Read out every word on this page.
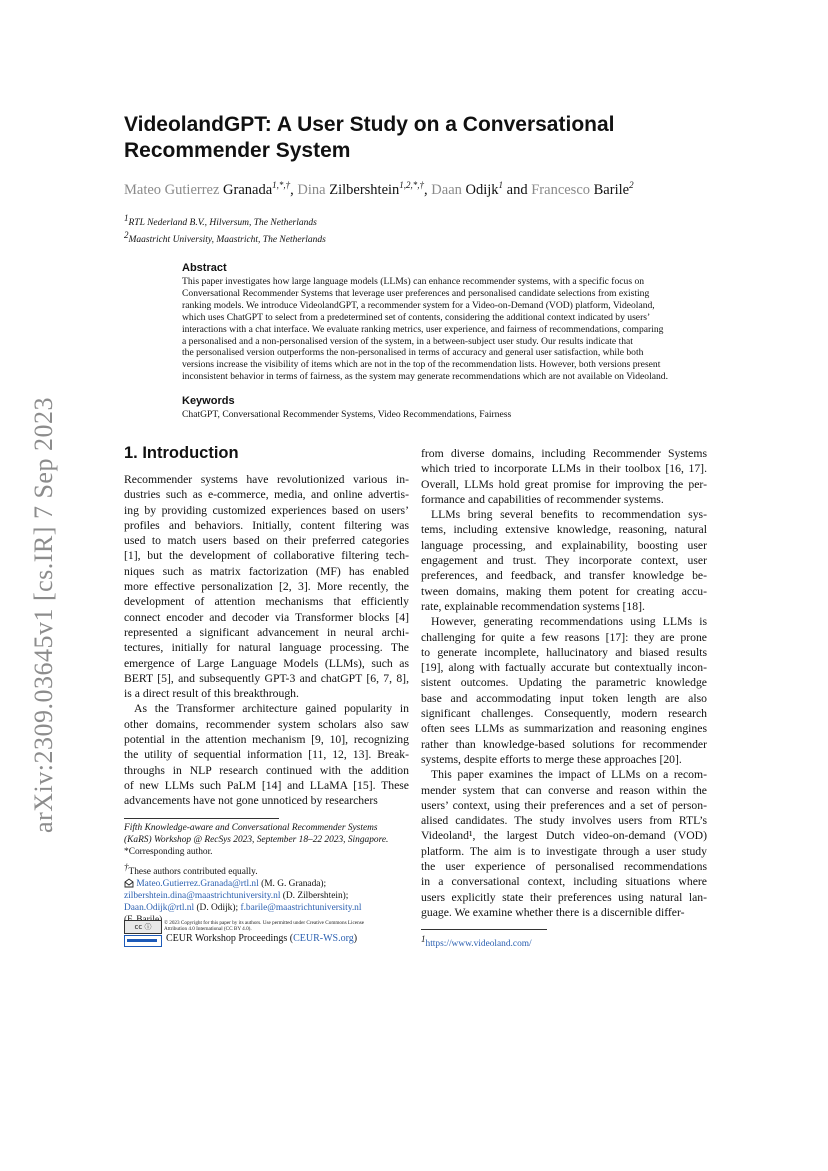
arXiv:2309.03645v1 [cs.IR] 7 Sep 2023
VideolandGPT: A User Study on a Conversational
Recommender System
Mateo Gutierrez Granada$^{1,*,\dagger}$, Dina Zilbershtein$^{1,2,*,\dagger}$, Daan Odijk$^1$ and Francesco Barile$^2$
$^1$RTL Nederland B.V., Hilversum, The Netherlands
$^2$Maastricht University, Maastricht, The Netherlands
Abstract
This paper investigates how large language models (LLMs) can enhance recommender systems, with a specific focus on
Conversational Recommender Systems that leverage user preferences and personalised candidate selections from existing
ranking models. We introduce VideolandGPT, a recommender system for a Video-on-Demand (VOD) platform, Videoland,
which uses ChatGPT to select from a predetermined set of contents, considering the additional context indicated by users’
interactions with a chat interface. We evaluate ranking metrics, user experience, and fairness of recommendations, comparing
a personalised and a non-personalised version of the system, in a between-subject user study. Our results indicate that
the personalised version outperforms the non-personalised in terms of accuracy and general user satisfaction, while both
versions increase the visibility of items which are not in the top of the recommendation lists. However, both versions present
inconsistent behavior in terms of fairness, as the system may generate recommendations which are not available on Videoland.
Keywords
ChatGPT, Conversational Recommender Systems, Video Recommendations, Fairness
1. Introduction
Recommender systems have revolutionized various in-
dustries such as e-commerce, media, and online advertis-
ing by providing customized experiences based on users’
profiles and behaviors. Initially, content filtering was
used to match users based on their preferred categories
[1], but the development of collaborative filtering tech-
niques such as matrix factorization (MF) has enabled
more effective personalization [2, 3]. More recently, the
development of attention mechanisms that efficiently
connect encoder and decoder via Transformer blocks [4]
represented a significant advancement in neural archi-
tectures, initially for natural language processing. The
emergence of Large Language Models (LLMs), such as
BERT [5], and subsequently GPT-3 and chatGPT [6, 7, 8],
is a direct result of this breakthrough.
As the Transformer architecture gained popularity in
other domains, recommender system scholars also saw
potential in the attention mechanism [9, 10], recognizing
the utility of sequential information [11, 12, 13]. Break-
throughs in NLP research continued with the addition
of new LLMs such PaLM [14] and LLaMA [15]. These
advancements have not gone unnoticed by researchers
from diverse domains, including Recommender Systems
which tried to incorporate LLMs in their toolbox [16, 17].
Overall, LLMs hold great promise for improving the per-
formance and capabilities of recommender systems.
LLMs bring several benefits to recommendation sys-
tems, including extensive knowledge, reasoning, natural
language processing, and explainability, boosting user
engagement and trust. They incorporate context, user
preferences, and feedback, and transfer knowledge be-
tween domains, making them potent for creating accu-
rate, explainable recommendation systems [18].
However, generating recommendations using LLMs is
challenging for quite a few reasons [17]: they are prone
to generate incomplete, hallucinatory and biased results
[19], along with factually accurate but contextually incon-
sistent outcomes. Updating the parametric knowledge
base and accommodating input token length are also
significant challenges. Consequently, modern research
often sees LLMs as summarization and reasoning engines
rather than knowledge-based solutions for recommender
systems, despite efforts to merge these approaches [20].
This paper examines the impact of LLMs on a recom-
mender system that can converse and reason within the
users’ context, using their preferences and a set of person-
alised candidates. The study involves users from RTL’s
Videoland¹, the largest Dutch video-on-demand (VOD)
platform. The aim is to investigate through a user study
the user experience of personalised recommendations
in a conversational context, including situations where
users explicitly state their preferences using natural lan-
guage. We examine whether there is a discernible differ-
Fifth Knowledge-aware and Conversational Recommender Systems
(KaRS) Workshop @ RecSys 2023, September 18–22 2023, Singapore.
*Corresponding author.
†These authors contributed equally.
Mateo.Gutierrez.Granada@rtl.nl (M. G. Granada);
zilbershtein.dina@maastrichtuniversity.nl (D. Zilbershtein);
Daan.Odijk@rtl.nl (D. Odijk); f.barile@maastrichtuniversity.nl
cc ⓘ	© 2023 Copyright for this paper by its authors. Use permitted under Creative Commons License
Attribution 4.0 International (CC BY 4.0).
CEUR Workshop Proceedings (CEUR-WS.org)	$^1$https://www.videoland.com/
